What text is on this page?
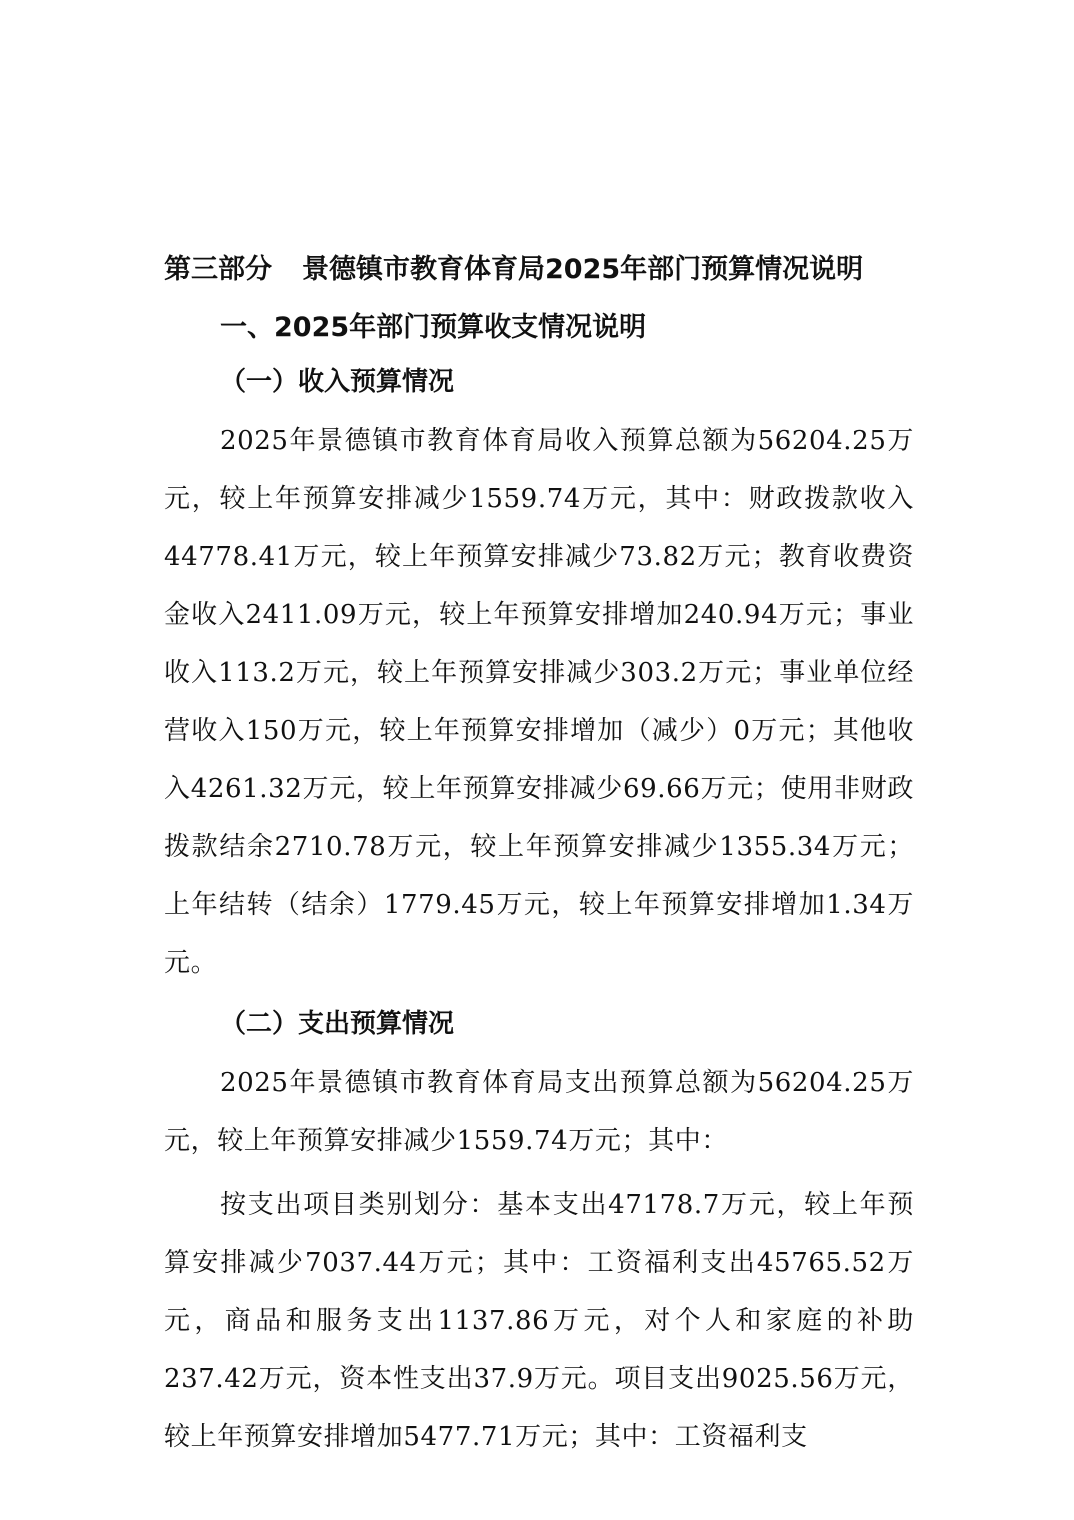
第三部分 景德镇市教育体育局2025年部门预算情况说明
一、2025年部门预算收支情况说明
（一）收入预算情况

2025年景德镇市教育体育局收入预算总额为56204.25万元，较上年预算安排减少1559.74万元，其中：财政拨款收入44778.41万元，较上年预算安排减少73.82万元；教育收费资金收入2411.09万元，较上年预算安排增加240.94万元；事业收入113.2万元，较上年预算安排减少303.2万元；事业单位经营收入150万元，较上年预算安排增加（减少）0万元；其他收入4261.32万元，较上年预算安排减少69.66万元；使用非财政拨款结余2710.78万元，较上年预算安排减少1355.34万元；上年结转（结余）1779.45万元，较上年预算安排增加1.34万元。

（二）支出预算情况

2025年景德镇市教育体育局支出预算总额为56204.25万元，较上年预算安排减少1559.74万元；其中：

按支出项目类别划分：基本支出47178.7万元，较上年预算安排减少7037.44万元；其中：工资福利支出45765.52万元，商品和服务支出1137.86万元，对个人和家庭的补助237.42万元，资本性支出37.9万元。项目支出9025.56万元，较上年预算安排增加5477.71万元；其中：工资福利支
